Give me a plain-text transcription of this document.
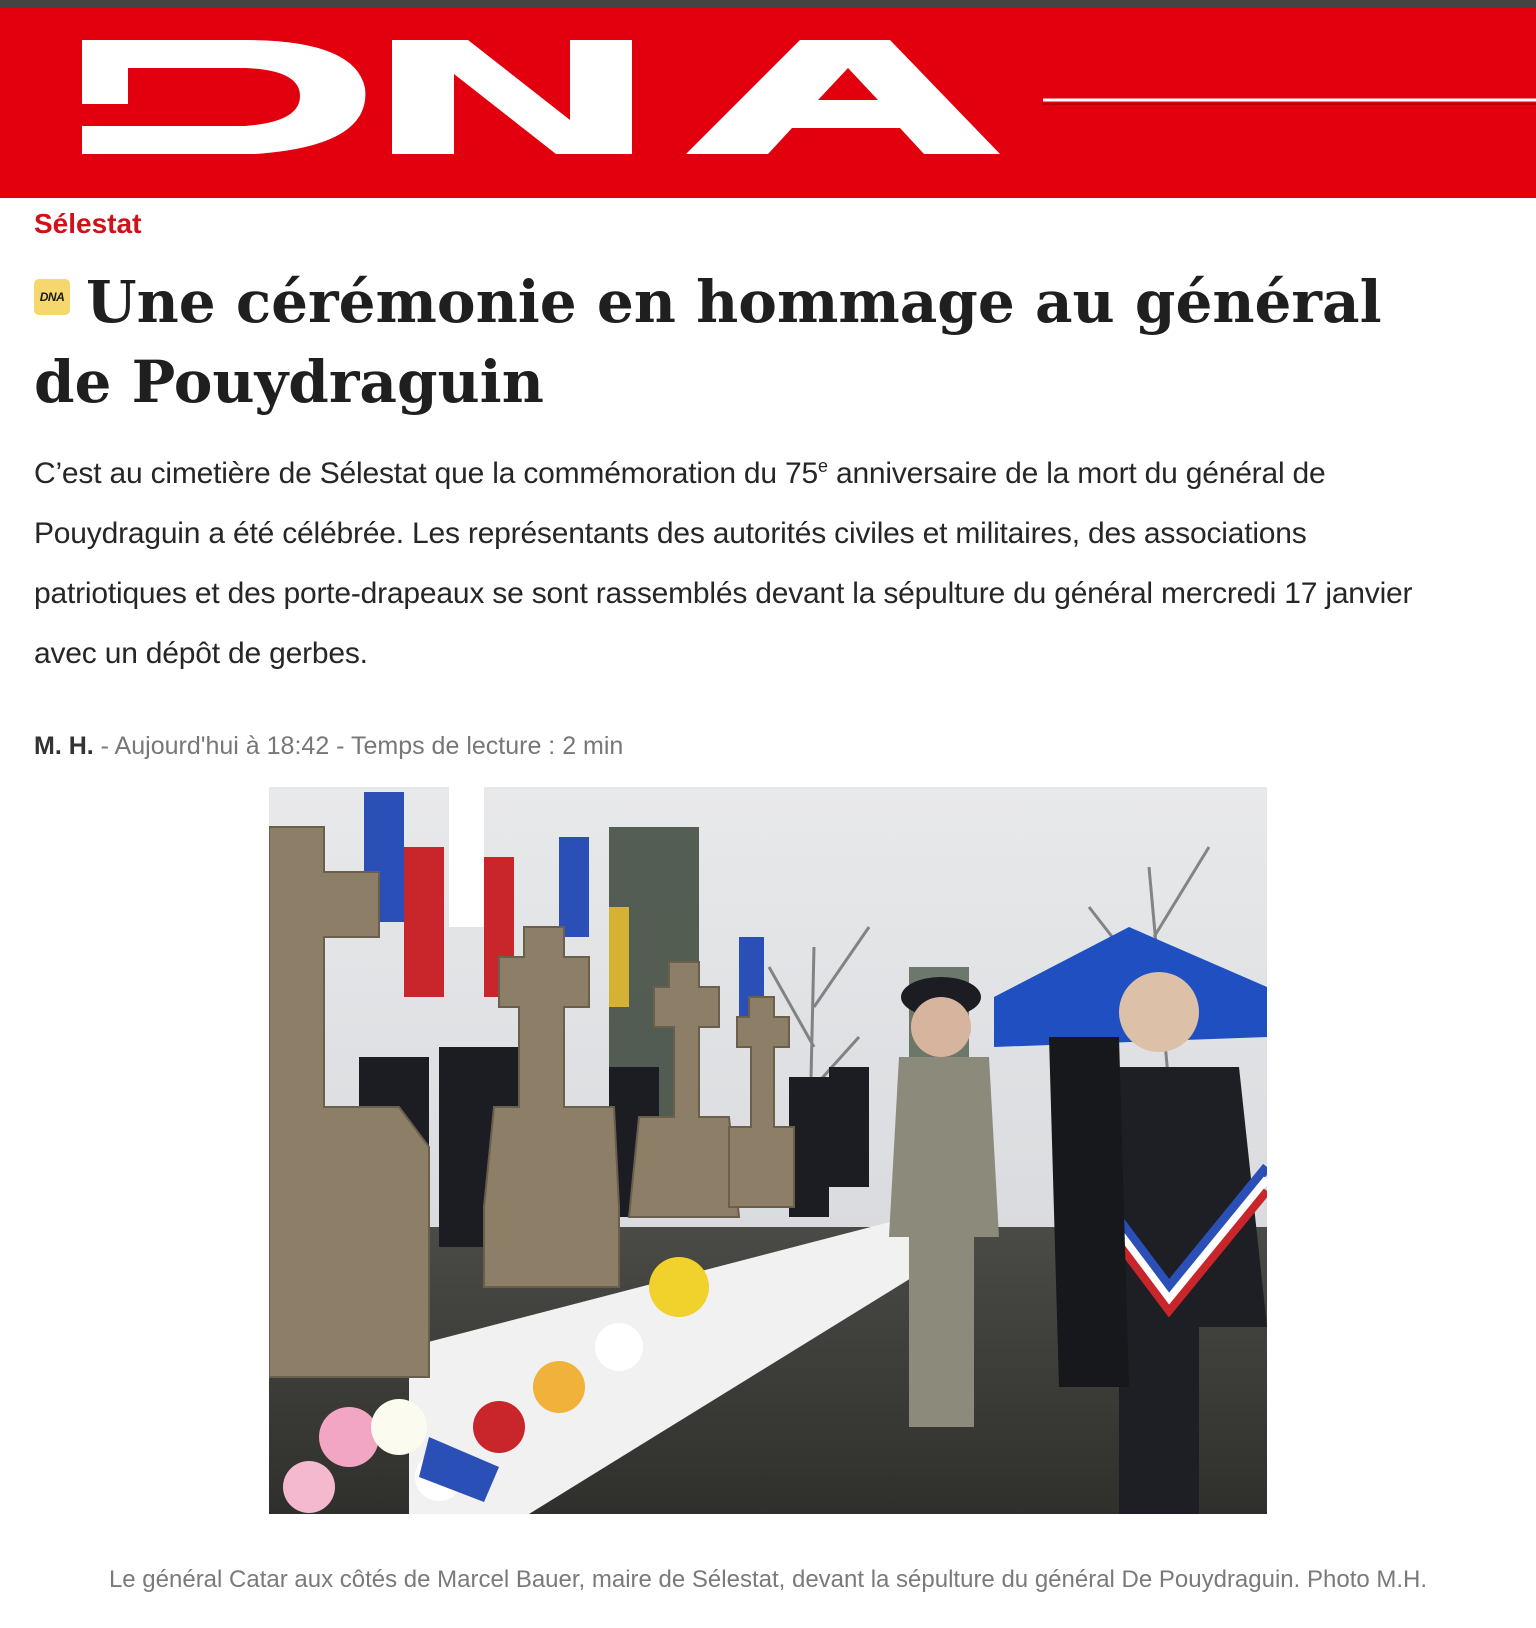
Sélestat
DNA Une cérémonie en hommage au général de Pouydraguin

C’est au cimetière de Sélestat que la commémoration du 75e anniversaire de la mort du général de Pouydraguin a été célébrée. Les représentants des autorités civiles et militaires, des associations patriotiques et des porte-drapeaux se sont rassemblés devant la sépulture du général mercredi 17 janvier avec un dépôt de gerbes.

M. H. - Aujourd'hui à 18:42 - Temps de lecture : 2 min
Le général Catar aux côtés de Marcel Bauer, maire de Sélestat, devant la sépulture du général De Pouydraguin. Photo M.H.
